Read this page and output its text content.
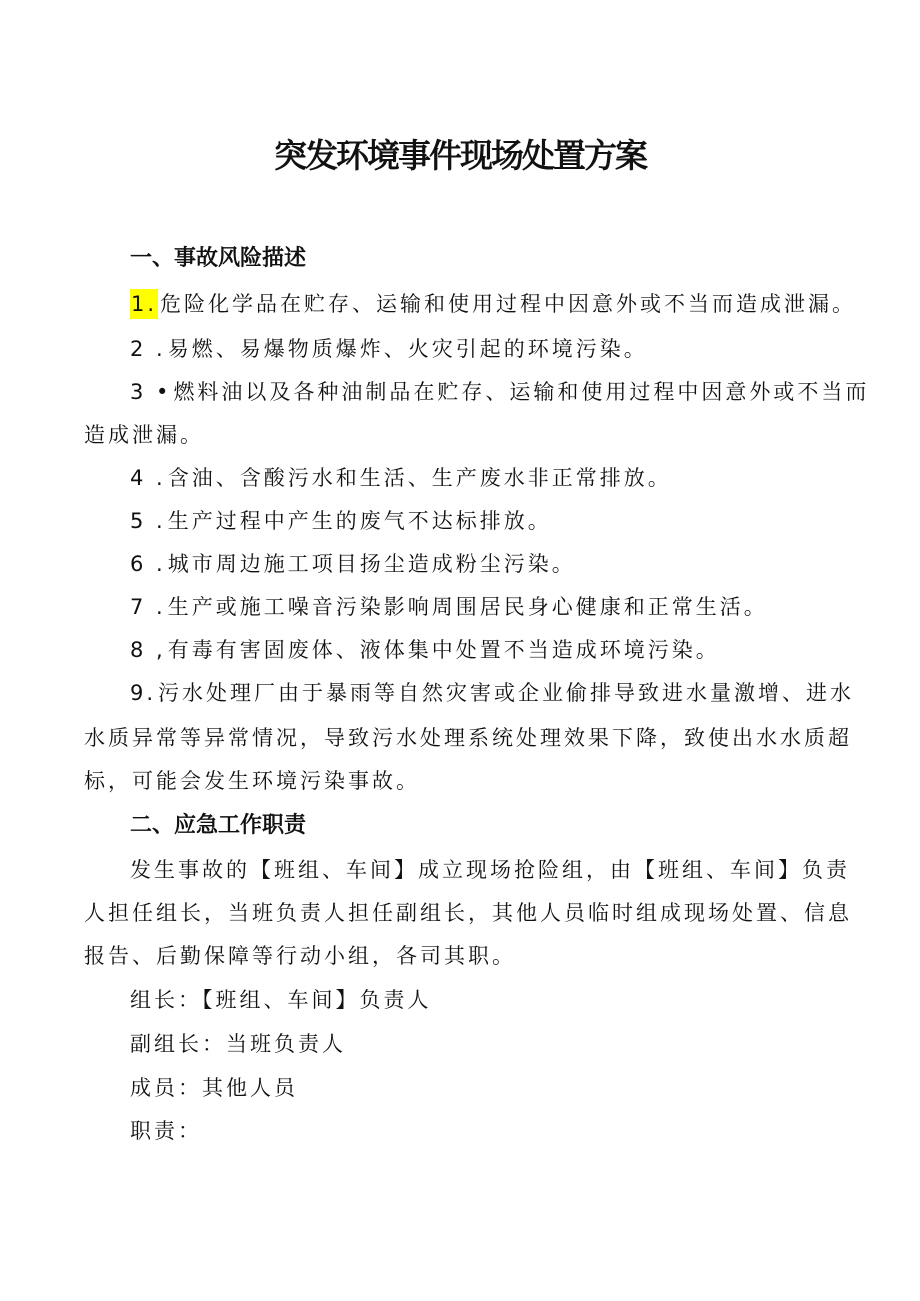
突发环境事件现场处置方案
一、事故风险描述
1. 危险化学品在贮存、运输和使用过程中因意外或不当而造成泄漏。
2 .易燃、易爆物质爆炸、火灾引起的环境污染。
3 •燃料油以及各种油制品在贮存、运输和使用过程中因意外或不当而
造成泄漏。
4 .含油、含酸污水和生活、生产废水非正常排放。
5 .生产过程中产生的废气不达标排放。
6 .城市周边施工项目扬尘造成粉尘污染。
7 .生产或施工噪音污染影响周围居民身心健康和正常生活。
8 ,有毒有害固废体、液体集中处置不当造成环境污染。
9.污水处理厂由于暴雨等自然灾害或企业偷排导致进水量激增、进水
水质异常等异常情况，导致污水处理系统处理效果下降，致使出水水质超
标，可能会发生环境污染事故。
二、应急工作职责
发生事故的【班组、车间】成立现场抢险组，由【班组、车间】负责
人担任组长，当班负责人担任副组长，其他人员临时组成现场处置、信息
报告、后勤保障等行动小组，各司其职。
组长：【班组、车间】负责人
副组长：当班负责人
成员：其他人员
职责：
